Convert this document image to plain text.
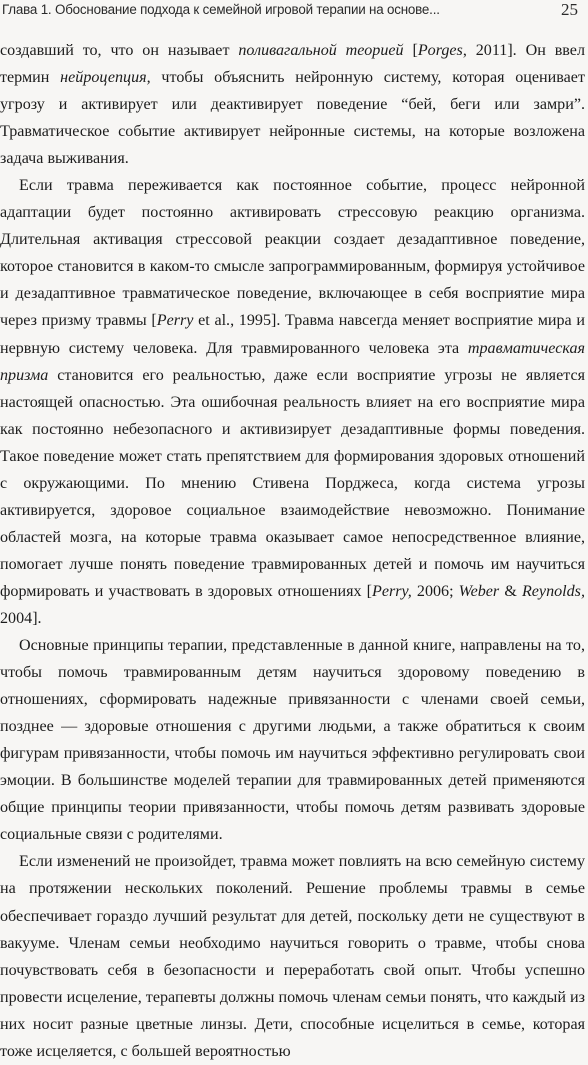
Глава 1. Обоснование подхода к семейной игровой терапии на основе...	25

создавший то, что он называет поливагальной теорией [Porges, 2011]. Он ввел термин нейроцепция, чтобы объяснить нейронную систему, которая оценивает угрозу и активирует или деактивирует поведение “бей, беги или замри”. Травматическое событие активирует нейронные системы, на которые возложена задача выживания.

Если травма переживается как постоянное событие, процесс нейронной адаптации будет постоянно активировать стрессовую реакцию организма. Длительная активация стрессовой реакции создает дезадаптивное поведение, которое становится в каком-то смысле запрограммированным, формируя устойчивое и дезадаптивное травматическое поведение, включающее в себя восприятие мира через призму травмы [Perry et al., 1995]. Травма навсегда меняет восприятие мира и нервную систему человека. Для травмированного человека эта травматическая призма становится его реальностью, даже если восприятие угрозы не является настоящей опасностью. Эта ошибочная реальность влияет на его восприятие мира как постоянно небезопасного и активизирует дезадаптивные формы поведения. Такое поведение может стать препятствием для формирования здоровых отношений с окружающими. По мнению Стивена Порджеса, когда система угрозы активируется, здоровое социальное взаимодействие невозможно. Понимание областей мозга, на которые травма оказывает самое непосредственное влияние, помогает лучше понять поведение травмированных детей и помочь им научиться формировать и участвовать в здоровых отношениях [Perry, 2006; Weber & Reynolds, 2004].

Основные принципы терапии, представленные в данной книге, направлены на то, чтобы помочь травмированным детям научиться здоровому поведению в отношениях, сформировать надежные привязанности с членами своей семьи, позднее — здоровые отношения с другими людьми, а также обратиться к своим фигурам привязанности, чтобы помочь им научиться эффективно регулировать свои эмоции. В большинстве моделей терапии для травмированных детей применяются общие принципы теории привязанности, чтобы помочь детям развивать здоровые социальные связи с родителями.

Если изменений не произойдет, травма может повлиять на всю семейную систему на протяжении нескольких поколений. Решение проблемы травмы в семье обеспечивает гораздо лучший результат для детей, поскольку дети не существуют в вакууме. Членам семьи необходимо научиться говорить о травме, чтобы снова почувствовать себя в безопасности и переработать свой опыт. Чтобы успешно провести исцеление, терапевты должны помочь членам семьи понять, что каждый из них носит разные цветные линзы. Дети, способные исцелиться в семье, которая тоже исцеляется, с большей вероятностью
